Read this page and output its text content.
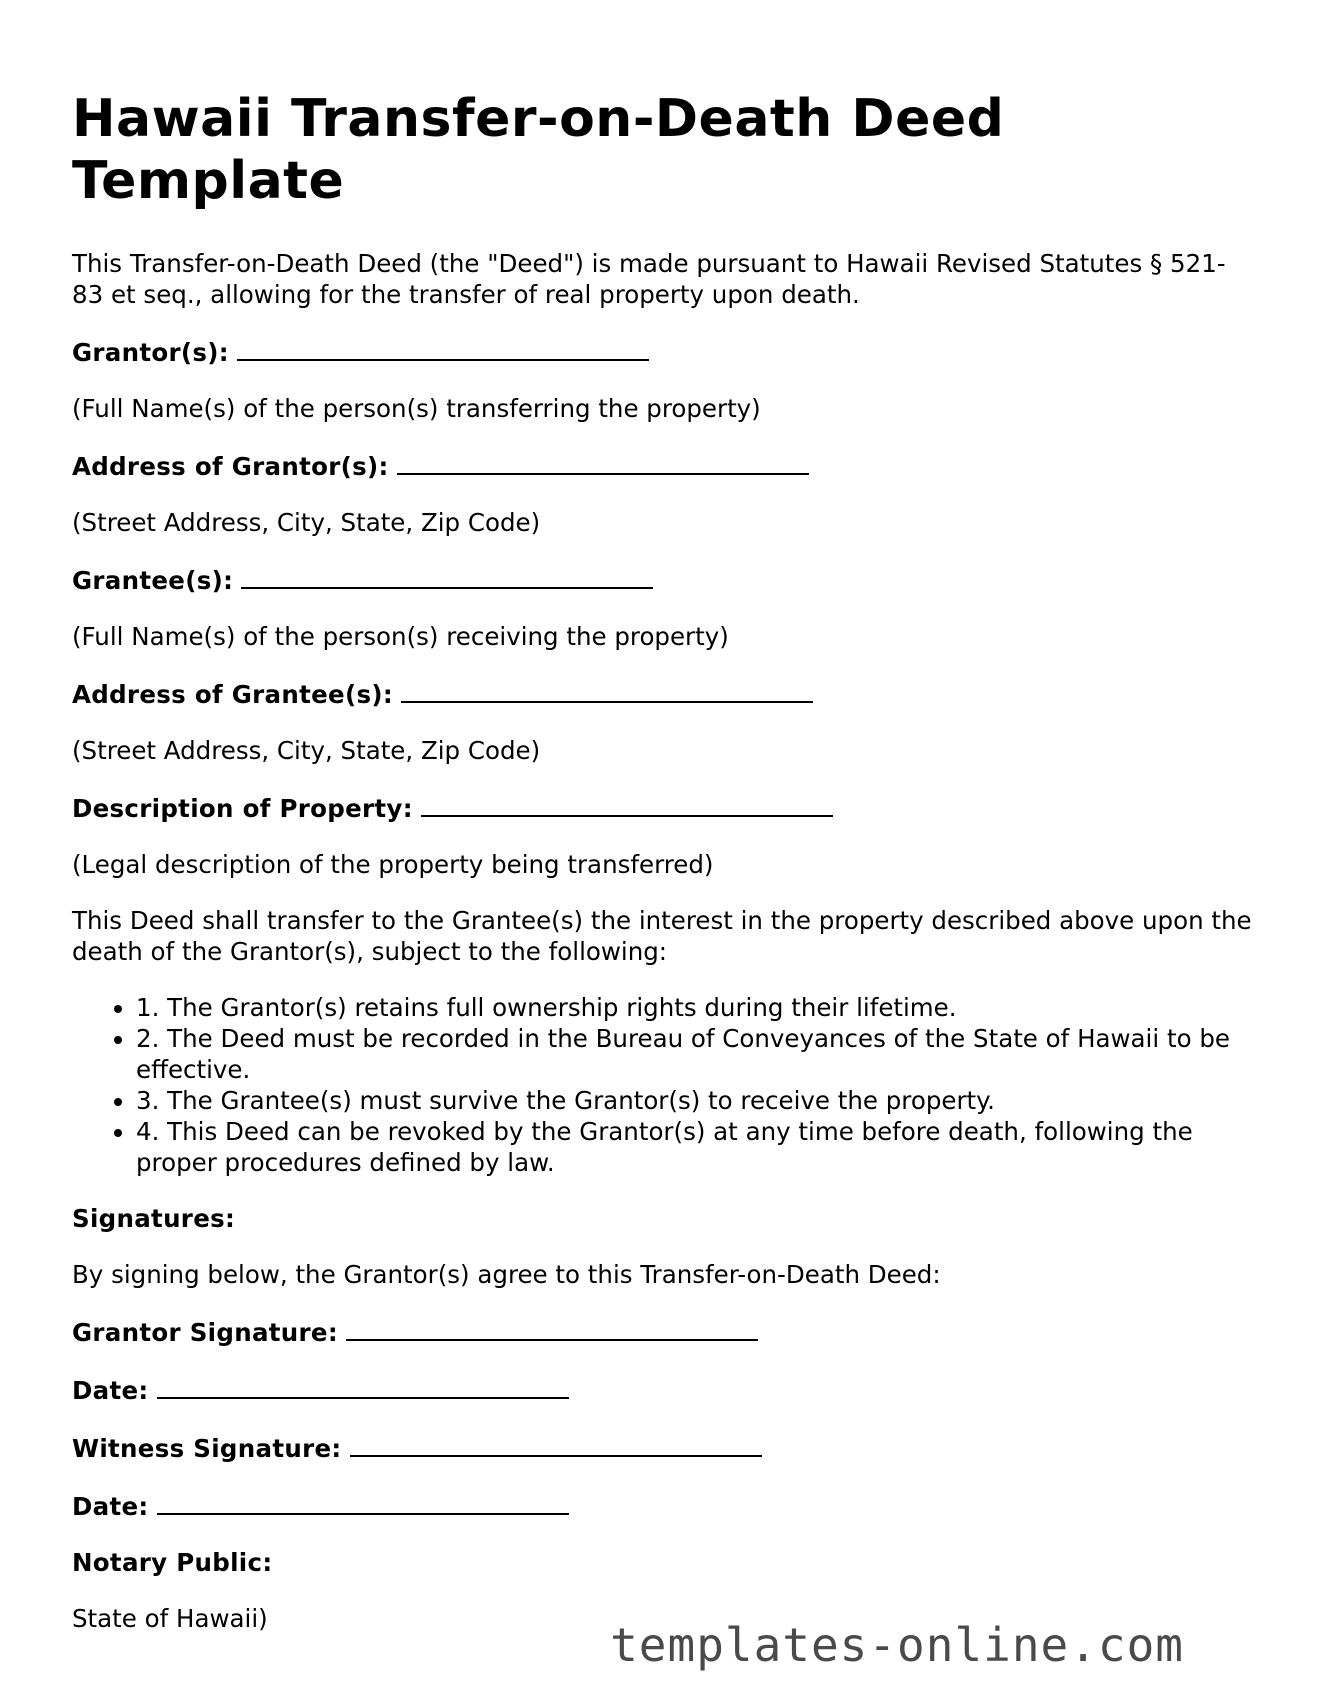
Hawaii Transfer-on-Death Deed Template

This Transfer-on-Death Deed (the "Deed") is made pursuant to Hawaii Revised Statutes § 521-83 et seq., allowing for the transfer of real property upon death.

Grantor(s):

(Full Name(s) of the person(s) transferring the property)

Address of Grantor(s):

(Street Address, City, State, Zip Code)

Grantee(s):

(Full Name(s) of the person(s) receiving the property)

Address of Grantee(s):

(Street Address, City, State, Zip Code)

Description of Property:

(Legal description of the property being transferred)

This Deed shall transfer to the Grantee(s) the interest in the property described above upon the death of the Grantor(s), subject to the following:

• 1. The Grantor(s) retains full ownership rights during their lifetime.
• 2. The Deed must be recorded in the Bureau of Conveyances of the State of Hawaii to be effective.
• 3. The Grantee(s) must survive the Grantor(s) to receive the property.
• 4. This Deed can be revoked by the Grantor(s) at any time before death, following the proper procedures defined by law.
Signatures:

By signing below, the Grantor(s) agree to this Transfer-on-Death Deed:

Grantor Signature:
Date:
Witness Signature:
Date:
Notary Public:

State of Hawaii)	templates-online.com
